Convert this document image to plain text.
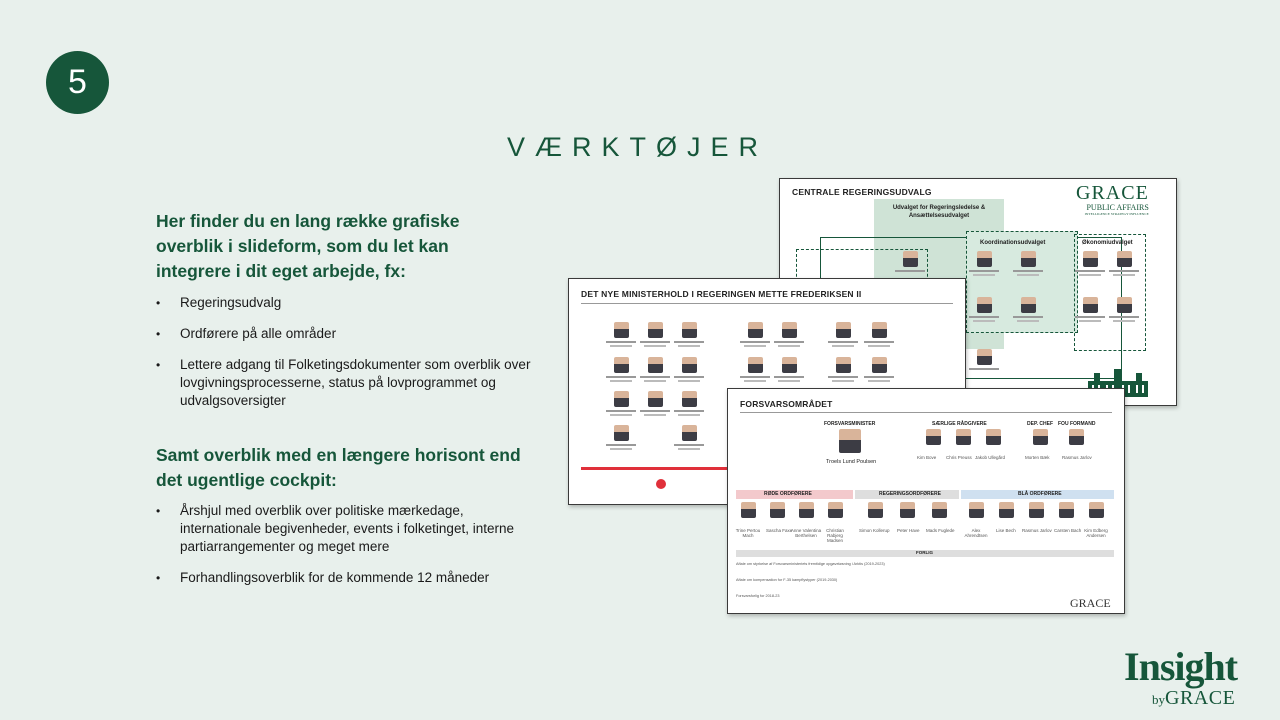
5
VÆRKTØJER

Her finder du en lang række grafiske overblik i slideform, som du let kan integrere i dit eget arbejde, fx:

• Regeringsudvalg
• Ordførere på alle områder
• Lettere adgang til Folketingsdokumenter som overblik over lovgivningsprocesserne, status på lovprogrammet og udvalgsoversigter

Samt overblik med en længere horisont end det ugentlige cockpit:

• Årshjul med overblik over politiske mærkedage, internationale begivenheder, events i folketinget, interne partiarrangementer og meget mere
• Forhandlingsoverblik for de kommende 12 måneder
CENTRALE REGERINGSUDVALG	GRACE
PUBLIC AFFAIRS
INTELLIGENCE STRATEGY INFLUENCE
Udvalget for Regeringsledelse & Ansættelsesudvalget
Koordinationsudvalget	Økonomiudvalget
DET NYE MINISTERHOLD I REGERINGEN METTE FREDERIKSEN II
FORSVARSOMRÅDET
FORSVARSMINISTER
Troels Lund Poulsen
SÆRLIGE RÅDGIVERE
Kim Bove Chris Preuss Jakob Ullegård
DEP. CHEF
Morten Bæk
FOU FORMAND
Rasmus Jarlov
RØDE ORDFØRERE	REGERINGSORDFØRERE	BLÅ ORDFØRERE
Trine Pertou Mach
Sascha Faxe
Anne Valentina Berthelsen
Christian Rabjerg Madsen
Simon Kollerup Peter Have Mads Fuglede	Alex Ahrendtsen
Lise Bech Rasmus Jarlov Carsten Bach Kim Edberg Andersen
FORLIG
Aftale om styrkelse af Forsvarsministeriets fremtidige opgaveløsning i Arktis (2019-2023)
Aftale om kompensation for F-35 kampflystyper (2019-2030)
Forsvarsforlig for 2018-23	GRACE
Insight
byGRACE
